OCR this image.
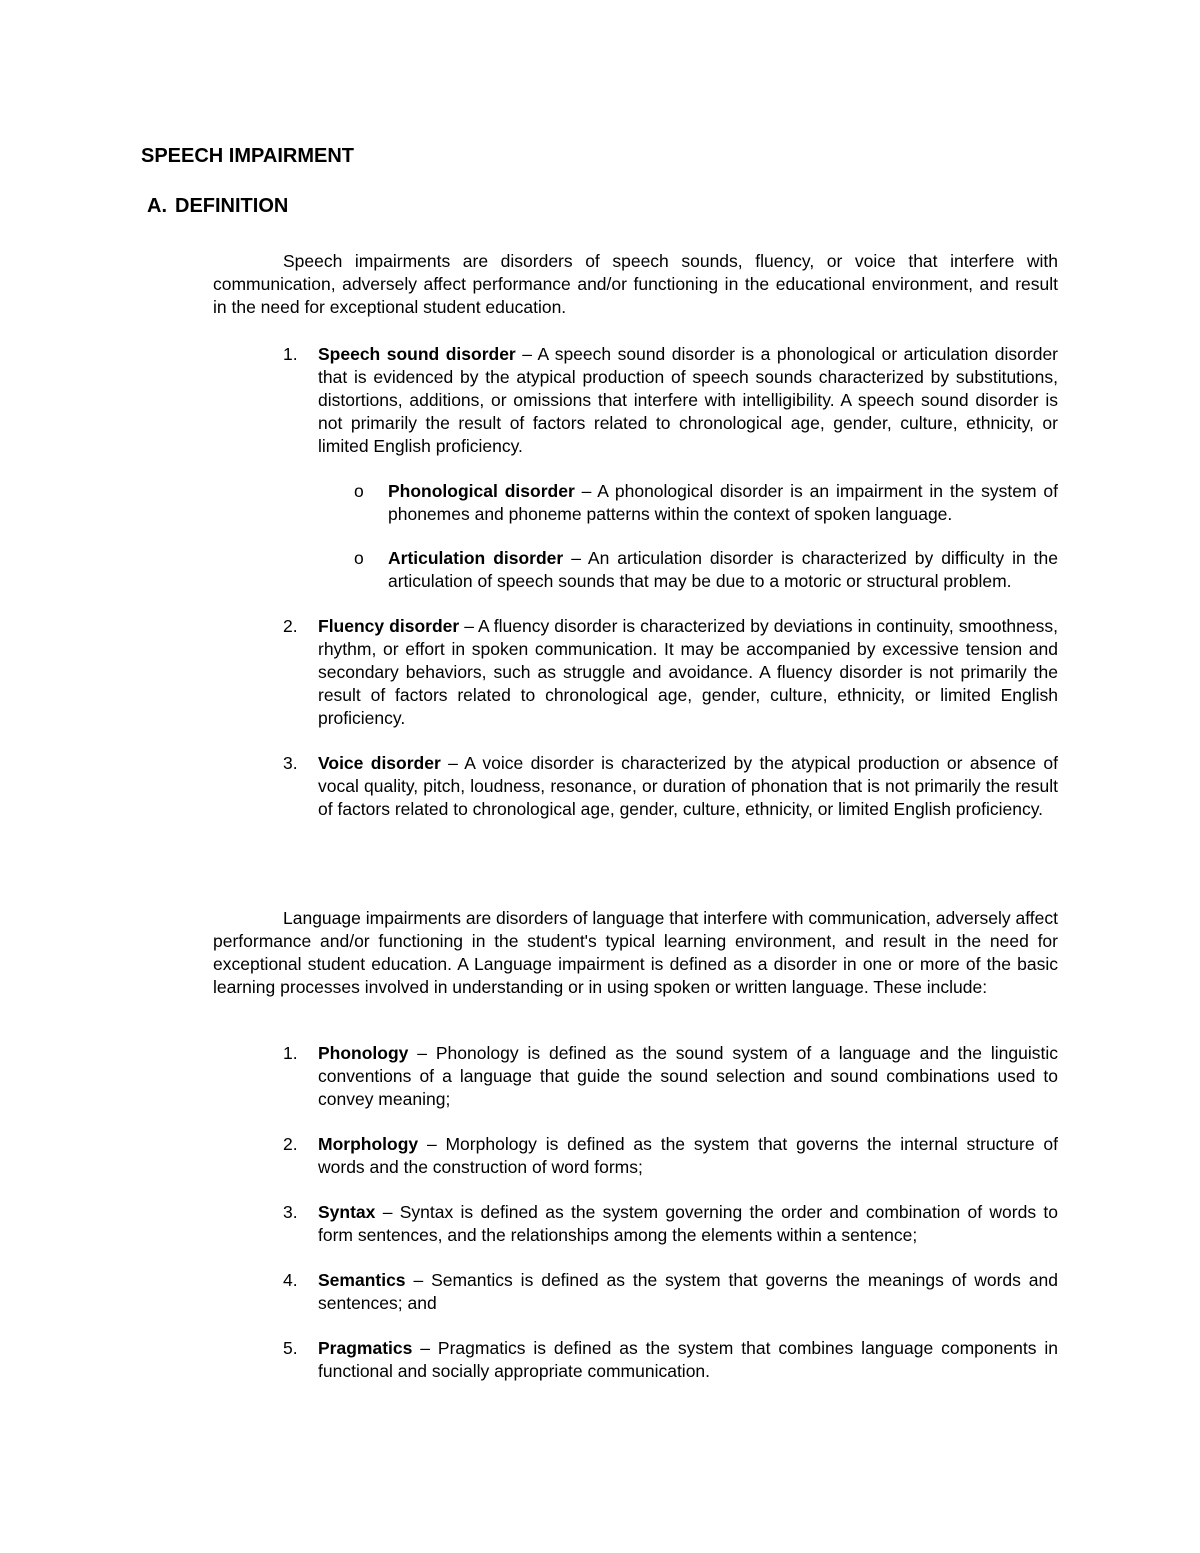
SPEECH IMPAIRMENT
A. DEFINITION

Speech impairments are disorders of speech sounds, fluency, or voice that interfere with communication, adversely affect performance and/or functioning in the educational environment, and result in the need for exceptional student education.

1. Speech sound disorder – A speech sound disorder is a phonological or articulation disorder that is evidenced by the atypical production of speech sounds characterized by substitutions, distortions, additions, or omissions that interfere with intelligibility. A speech sound disorder is not primarily the result of factors related to chronological age, gender, culture, ethnicity, or limited English proficiency.
o Phonological disorder – A phonological disorder is an impairment in the system of phonemes and phoneme patterns within the context of spoken language.
o Articulation disorder – An articulation disorder is characterized by difficulty in the articulation of speech sounds that may be due to a motoric or structural problem.
2. Fluency disorder – A fluency disorder is characterized by deviations in continuity, smoothness, rhythm, or effort in spoken communication. It may be accompanied by excessive tension and secondary behaviors, such as struggle and avoidance. A fluency disorder is not primarily the result of factors related to chronological age, gender, culture, ethnicity, or limited English proficiency.
3. Voice disorder – A voice disorder is characterized by the atypical production or absence of vocal quality, pitch, loudness, resonance, or duration of phonation that is not primarily the result of factors related to chronological age, gender, culture, ethnicity, or limited English proficiency.

Language impairments are disorders of language that interfere with communication, adversely affect performance and/or functioning in the student's typical learning environment, and result in the need for exceptional student education. A Language impairment is defined as a disorder in one or more of the basic learning processes involved in understanding or in using spoken or written language. These include:

1. Phonology – Phonology is defined as the sound system of a language and the linguistic conventions of a language that guide the sound selection and sound combinations used to convey meaning;
2. Morphology – Morphology is defined as the system that governs the internal structure of words and the construction of word forms;
3. Syntax – Syntax is defined as the system governing the order and combination of words to form sentences, and the relationships among the elements within a sentence;
4. Semantics – Semantics is defined as the system that governs the meanings of words and sentences; and
5. Pragmatics – Pragmatics is defined as the system that combines language components in functional and socially appropriate communication.
